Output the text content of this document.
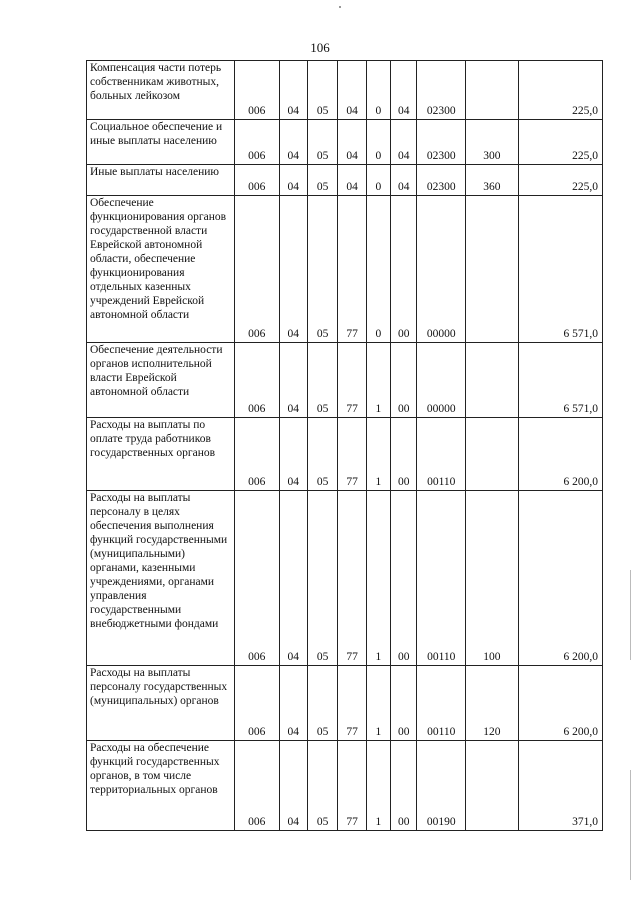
106
Компенсация части потерь собственникам животных, больных лейкозом	006	04	05	04	0	04	02300		225,0
Социальное обеспечение и иные выплаты населению	006	04	05	04	0	04	02300	300	225,0
Иные выплаты населению	006	04	05	04	0	04	02300	360	225,0
Обеспечение функционирования органов государственной власти Еврейской автономной области, обеспечение функционирования отдельных казенных учреждений Еврейской автономной области	006	04	05	77	0	00	00000		6 571,0
Обеспечение деятельности органов исполнительной власти Еврейской автономной области	006	04	05	77	1	00	00000		6 571,0
Расходы на выплаты по оплате труда работников государственных органов	006	04	05	77	1	00	00110		6 200,0
Расходы на выплаты персоналу в целях обеспечения выполнения функций государственными (муниципальными) органами, казенными учреждениями, органами управления государственными внебюджетными фондами	006	04	05	77	1	00	00110	100	6 200,0
Расходы на выплаты персоналу государственных (муниципальных) органов	006	04	05	77	1	00	00110	120	6 200,0
Расходы на обеспечение функций государственных органов, в том числе территориальных органов	006	04	05	77	1	00	00190		371,0
